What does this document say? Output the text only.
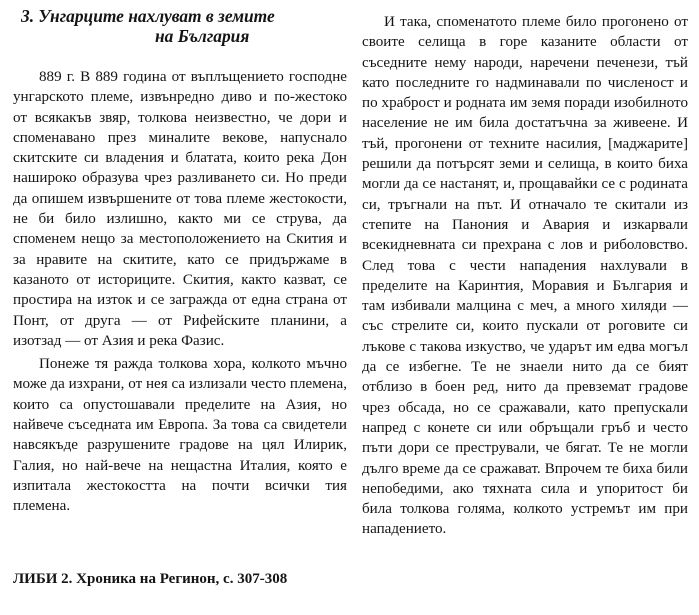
3. Унгарците нахлуват в земите
на България

889 г. В 889 година от въплъщението господне унгарското племе, извънредно диво и по-жестоко от всякакъв звяр, толкова неизвестно, че дори и споменавано през миналите векове, напуснало скитските си владения и блатата, които река Дон нашироко образува чрез разливането си. Но преди да опишем извършените от това племе жестокости, не би било излишно, както ми се струва, да споменем нещо за местоположението на Скития и за нравите на скитите, като се придържаме в казаното от историците. Скития, както казват, се простира на изток и се загражда от една страна от Понт, от друга — от Рифейските планини, а изотзад — от Азия и река Фазис.

Понеже тя ражда толкова хора, колкото мъчно може да изхрани, от нея са излизали често племена, които са опустошавали пределите на Азия, но найвече съседната им Европа. За това са свидетели навсякъде разрушените градове на цял Илирик, Галия, но най-вече на нещастна Италия, която е изпитала жестокостта на почти всички тия племена.

И така, споменатото племе било прогонено от своите селища в горе казаните области от съседните нему народи, наречени печенези, тъй като последните го надминавали по численост и по храброст и родната им земя поради изобилното население не им била достатъчна за живеене. И тъй, прогонени от техните насилия, [маджарите] решили да потърсят земи и селища, в които биха могли да се настанят, и, прощавайки се с родината си, тръгнали на път. И отначало те скитали из степите на Панония и Авария и изкарвали всекидневната си прехрана с лов и риболовство. След това с чести нападения нахлували в пределите на Каринтия, Моравия и България и там избивали малцина с меч, а много хиляди — със стрелите си, които пускали от роговите си лъкове с такова изкуство, че ударът им едва могъл да се избегне. Те не знаели нито да се бият отблизо в боен ред, нито да превземат градове чрез обсада, но се сражавали, като препускали напред с конете си или обръщали гръб и често пъти дори се престрували, че бягат. Те не могли дълго време да се сражават. Впрочем те биха били непобедими, ако тяхната сила и упоритост би била толкова голяма, колкото устремът им при нападението.

ЛИБИ 2. Хроника на Регинон, с. 307-308
